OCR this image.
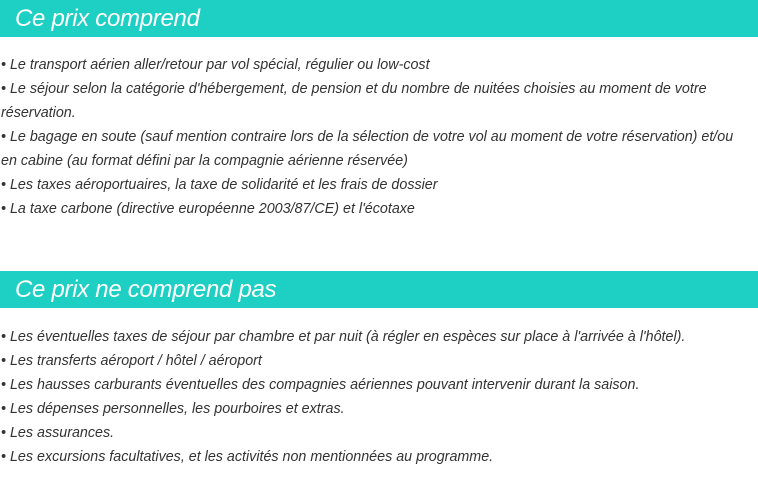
Ce prix comprend
• Le transport aérien aller/retour par vol spécial, régulier ou low-cost
• Le séjour selon la catégorie d'hébergement, de pension et du nombre de nuitées choisies au moment de votre réservation.
• Le bagage en soute (sauf mention contraire lors de la sélection de votre vol au moment de votre réservation) et/ou en cabine (au format défini par la compagnie aérienne réservée)
• Les taxes aéroportuaires, la taxe de solidarité et les frais de dossier
• La taxe carbone (directive européenne 2003/87/CE) et l'écotaxe
Ce prix ne comprend pas
• Les éventuelles taxes de séjour par chambre et par nuit (à régler en espèces sur place à l'arrivée à l'hôtel).
• Les transferts aéroport / hôtel / aéroport
• Les hausses carburants éventuelles des compagnies aériennes pouvant intervenir durant la saison.
• Les dépenses personnelles, les pourboires et extras.
• Les assurances.
• Les excursions facultatives, et les activités non mentionnées au programme.
